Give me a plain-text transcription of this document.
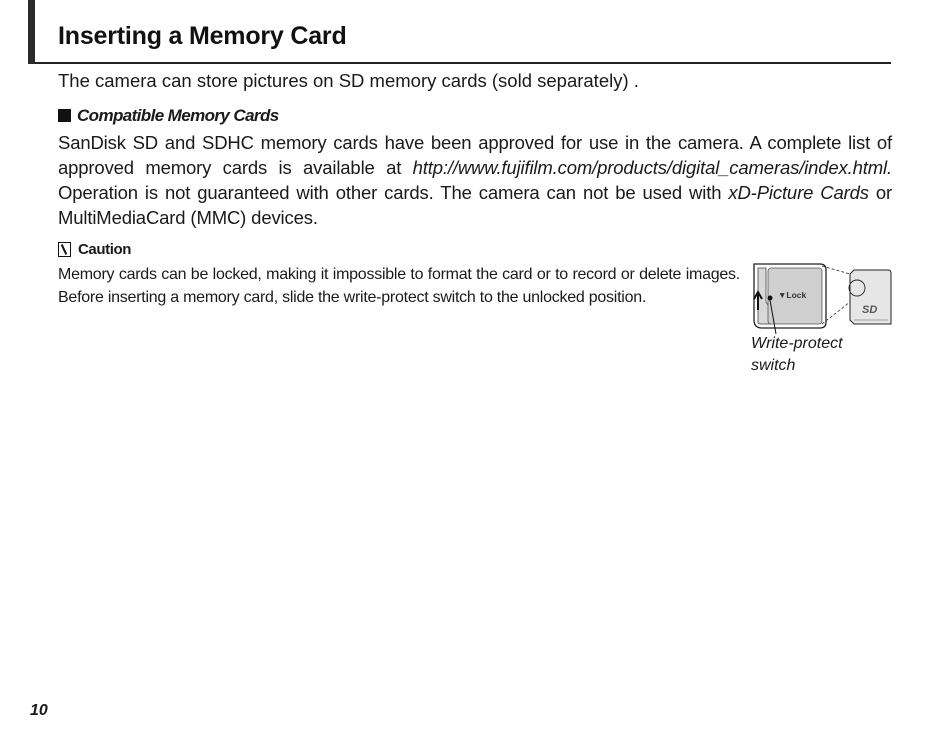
Inserting a Memory Card
The camera can store pictures on SD memory cards (sold separately) .
Compatible Memory Cards
SanDisk SD and SDHC memory cards have been approved for use in the camera. A complete list of approved memory cards is available at http://www.fujifilm.com/products/digital_cameras/index.html. Operation is not guaranteed with other cards. The camera can not be used with xD-Picture Cards or MultiMediaCard (MMC) devices.
Caution
Memory cards can be locked, making it impossible to format the card or to record or delete images. Before inserting a memory card, slide the write-protect switch to the unlocked position.	▼Lock
SD
Write-protect switch
10
